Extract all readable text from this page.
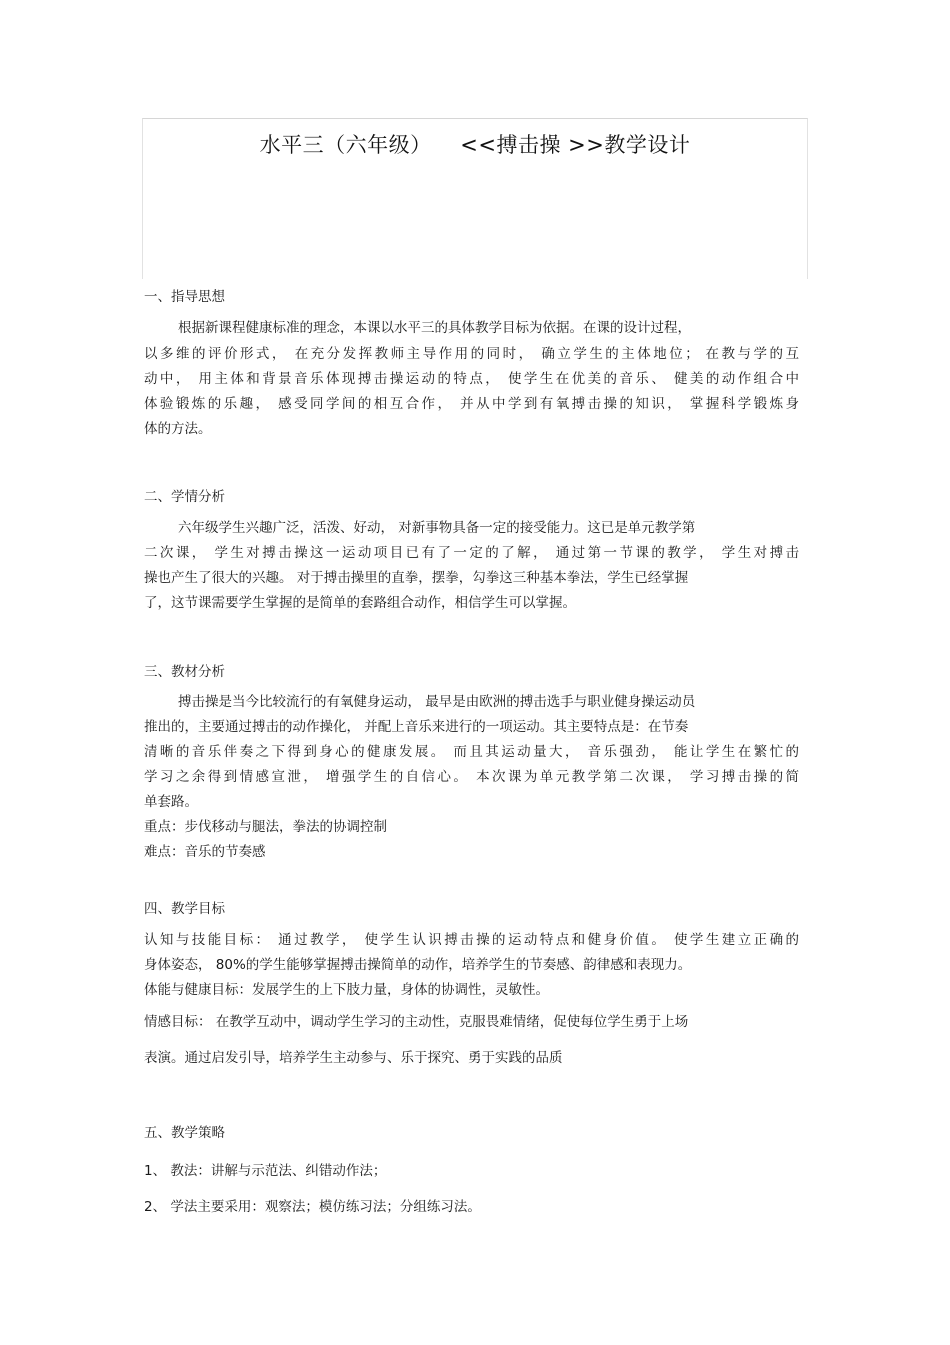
水平三（六年级）    <<搏击操 >>教学设计
一、指导思想
根据新课程健康标准的理念，本课以水平三的具体教学目标为依据。在课的设计过程，
以多维的评价形式， 在充分发挥教师主导作用的同时， 确立学生的主体地位； 在教与学的互
动中， 用主体和背景音乐体现搏击操运动的特点， 使学生在优美的音乐、 健美的动作组合中
体验锻炼的乐趣， 感受同学间的相互合作， 并从中学到有氧搏击操的知识， 掌握科学锻炼身
体的方法。
二、学情分析
六年级学生兴趣广泛，活泼、好动， 对新事物具备一定的接受能力。这已是单元教学第
二次课， 学生对搏击操这一运动项目已有了一定的了解， 通过第一节课的教学， 学生对搏击
操也产生了很大的兴趣。 对于搏击操里的直拳，摆拳，勾拳这三种基本拳法，学生已经掌握
了，这节课需要学生掌握的是简单的套路组合动作，相信学生可以掌握。
三、教材分析
搏击操是当今比较流行的有氧健身运动， 最早是由欧洲的搏击选手与职业健身操运动员
推出的，主要通过搏击的动作操化， 并配上音乐来进行的一项运动。其主要特点是：在节奏
清晰的音乐伴奏之下得到身心的健康发展。 而且其运动量大， 音乐强劲， 能让学生在繁忙的
学习之余得到情感宣泄， 增强学生的自信心。 本次课为单元教学第二次课， 学习搏击操的简
单套路。
重点：步伐移动与腿法，拳法的协调控制
难点：音乐的节奏感
四、教学目标
认知与技能目标： 通过教学， 使学生认识搏击操的运动特点和健身价值。 使学生建立正确的
身体姿态， 80%的学生能够掌握搏击操简单的动作，培养学生的节奏感、韵律感和表现力。
体能与健康目标：发展学生的上下肢力量，身体的协调性，灵敏性。
情感目标： 在教学互动中，调动学生学习的主动性，克服畏难情绪，促使每位学生勇于上场
表演。通过启发引导，培养学生主动参与、乐于探究、勇于实践的品质
五、教学策略
1、 教法：讲解与示范法、纠错动作法；
2、 学法主要采用：观察法；模仿练习法；分组练习法。
